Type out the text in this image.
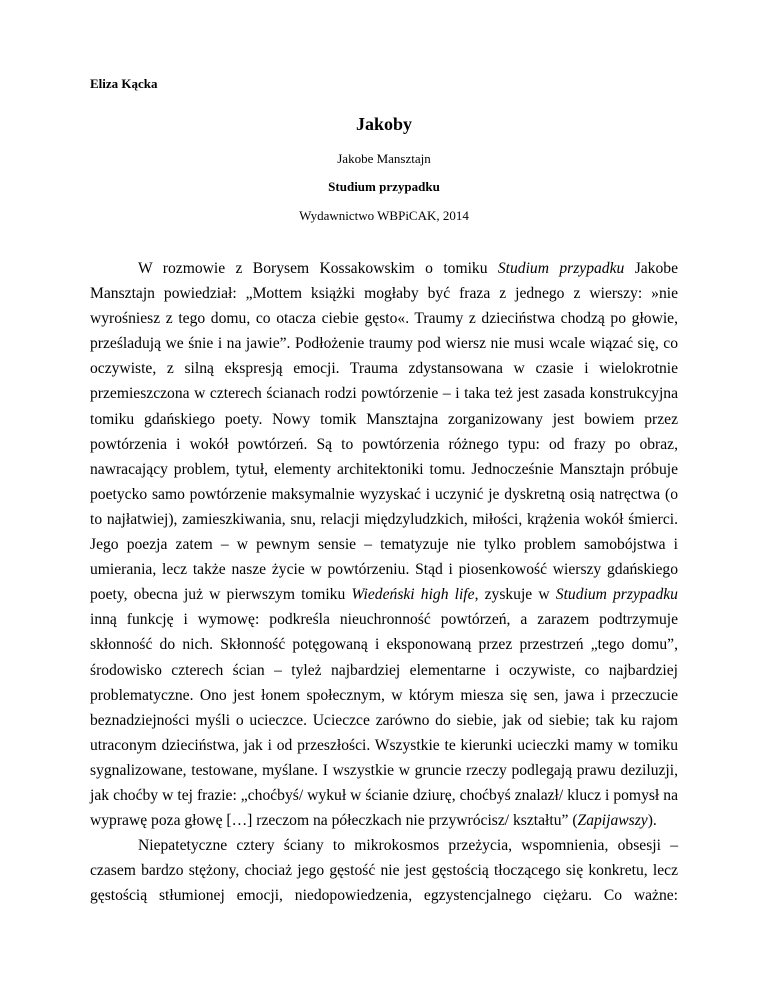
Eliza Kącka

Jakoby

Jakobe Mansztajn

Studium przypadku

Wydawnictwo WBPiCAK, 2014

W rozmowie z Borysem Kossakowskim o tomiku Studium przypadku Jakobe
Mansztajn powiedział: „Mottem książki mogłaby być fraza z jednego z wierszy: »nie
wyrośniesz z tego domu, co otacza ciebie gęsto«. Traumy z dzieciństwa chodzą po głowie,
prześladują we śnie i na jawie”. Podłożenie traumy pod wiersz nie musi wcale wiązać się, co
oczywiste, z silną ekspresją emocji. Trauma zdystansowana w czasie i wielokrotnie
przemieszczona w czterech ścianach rodzi powtórzenie – i taka też jest zasada konstrukcyjna
tomiku gdańskiego poety. Nowy tomik Mansztajna zorganizowany jest bowiem przez
powtórzenia i wokół powtórzeń. Są to powtórzenia różnego typu: od frazy po obraz,
nawracający problem, tytuł, elementy architektoniki tomu. Jednocześnie Mansztajn próbuje
poetycko samo powtórzenie maksymalnie wyzyskać i uczynić je dyskretną osią natręctwa (o
to najłatwiej), zamieszkiwania, snu, relacji międzyludzkich, miłości, krążenia wokół śmierci.
Jego poezja zatem – w pewnym sensie – tematyzuje nie tylko problem samobójstwa i
umierania, lecz także nasze życie w powtórzeniu. Stąd i piosenkowość wierszy gdańskiego
poety, obecna już w pierwszym tomiku Wiedeński high life, zyskuje w Studium przypadku
inną funkcję i wymowę: podkreśla nieuchronność powtórzeń, a zarazem podtrzymuje
skłonność do nich. Skłonność potęgowaną i eksponowaną przez przestrzeń „tego domu”,
środowisko czterech ścian – tyleż najbardziej elementarne i oczywiste, co najbardziej
problematyczne. Ono jest łonem społecznym, w którym miesza się sen, jawa i przeczucie
beznadziejności myśli o ucieczce. Ucieczce zarówno do siebie, jak od siebie; tak ku rajom
utraconym dzieciństwa, jak i od przeszłości. Wszystkie te kierunki ucieczki mamy w tomiku
sygnalizowane, testowane, myślane. I wszystkie w gruncie rzeczy podlegają prawu deziluzji,
jak choćby w tej frazie: „choćbyś/ wykuł w ścianie dziurę, choćbyś znalazł/ klucz i pomysł na
wyprawę poza głowę […] rzeczom na półeczkach nie przywrócisz/ kształtu” (Zapijawszy).
Niepatetyczne cztery ściany to mikrokosmos przeżycia, wspomnienia, obsesji –
czasem bardzo stężony, chociaż jego gęstość nie jest gęstością tłoczącego się konkretu, lecz
gęstością stłumionej emocji, niedopowiedzenia, egzystencjalnego ciężaru. Co ważne:
